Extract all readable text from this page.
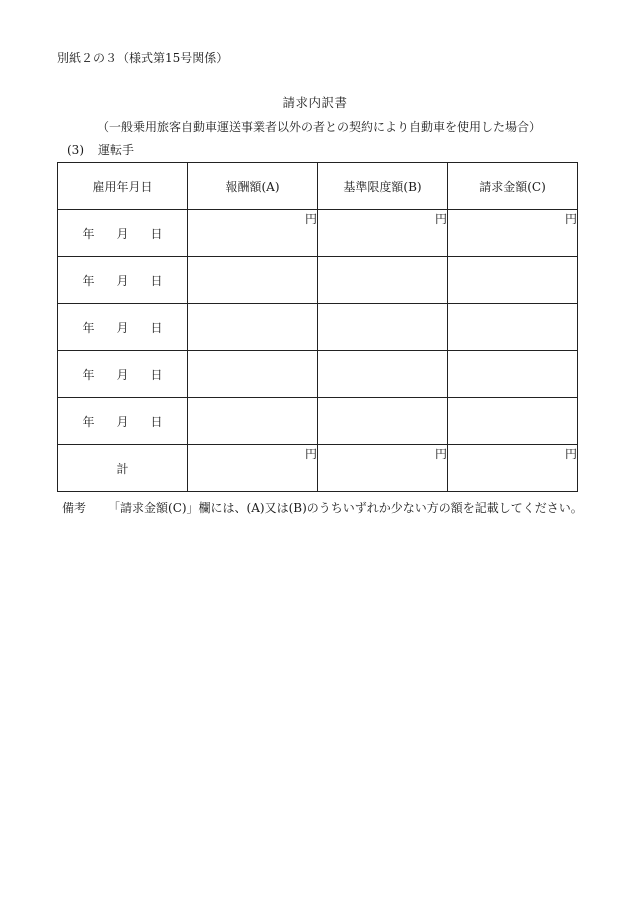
別紙２の３（様式第15号関係）
請求内訳書
（一般乗用旅客自動車運送事業者以外の者との契約により自動車を使用した場合）
(3) 運転手
雇用年月日	報酬額(A)	基準限度額(B)	請求金額(C)
年 月 日	円	円	円
年 月 日			
年 月 日			
年 月 日			
年 月 日			
計	円	円	円
備考 「請求金額(C)」欄には、(A)又は(B)のうちいずれか少ない方の額を記載してください。
